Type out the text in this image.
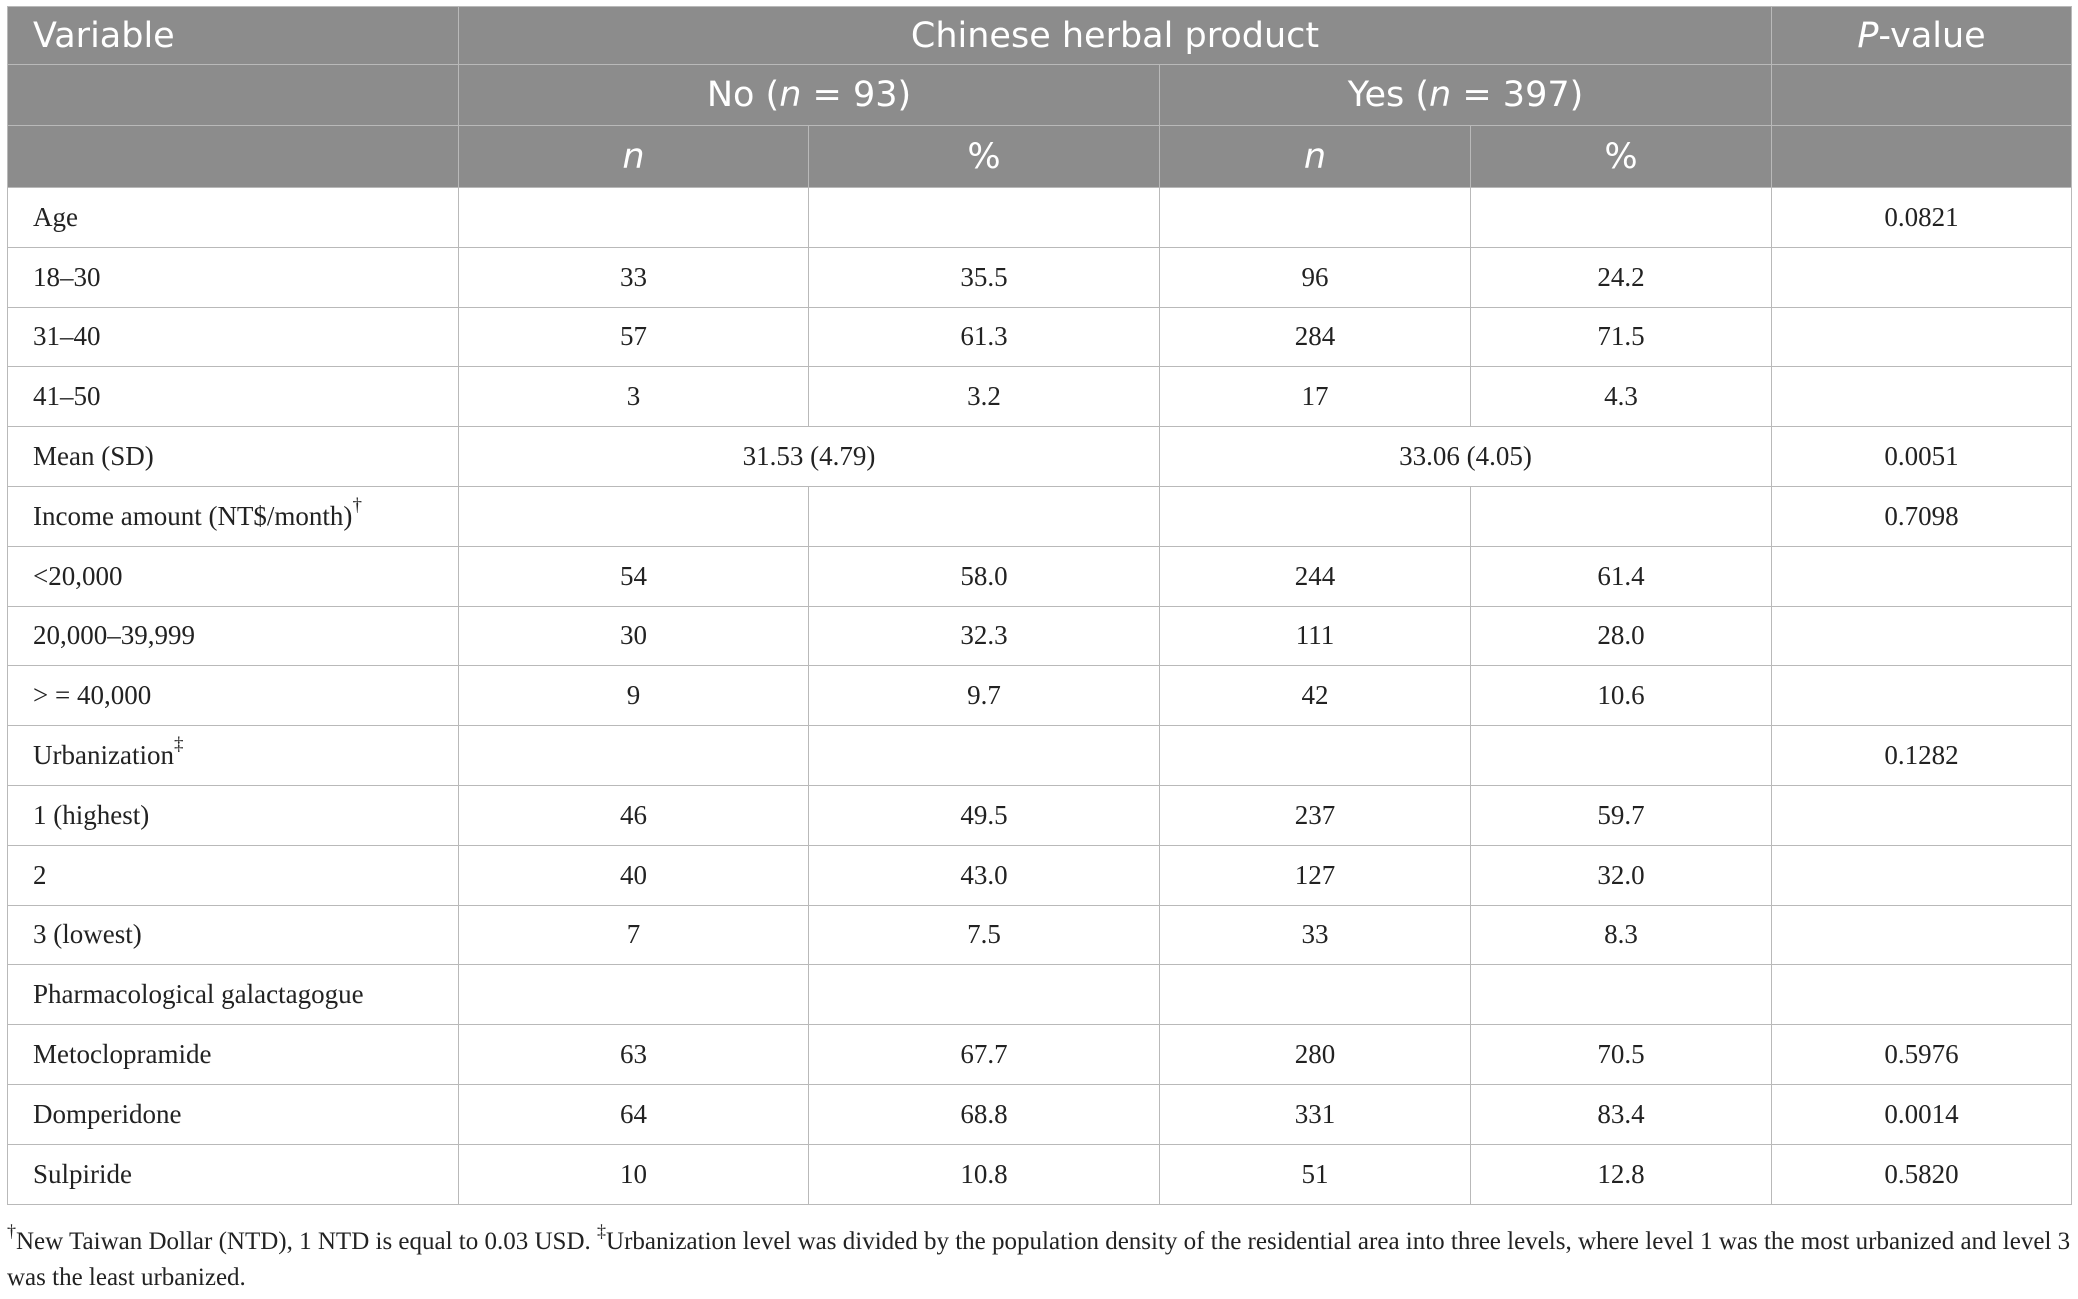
Variable	Chinese herbal product				P-value
	No (n = 93)		Yes (n = 397)		
	n	%	n	%	
Age					0.0821
18–30	33	35.5	96	24.2	
31–40	57	61.3	284	71.5	
41–50	3	3.2	17	4.3	
Mean (SD)	31.53 (4.79)		33.06 (4.05)		0.0051
Income amount (NT$/month)†					0.7098
<20,000	54	58.0	244	61.4	
20,000–39,999	30	32.3	111	28.0	
> = 40,000	9	9.7	42	10.6	
Urbanization‡					0.1282
1 (highest)	46	49.5	237	59.7	
2	40	43.0	127	32.0	
3 (lowest)	7	7.5	33	8.3	
Pharmacological galactagogue					
Metoclopramide	63	67.7	280	70.5	0.5976
Domperidone	64	68.8	331	83.4	0.0014
Sulpiride	10	10.8	51	12.8	0.5820
†New Taiwan Dollar (NTD), 1 NTD is equal to 0.03 USD. ‡Urbanization level was divided by the population density of the residential area into three levels, where level 1 was the most urbanized and level 3 was the least urbanized.
